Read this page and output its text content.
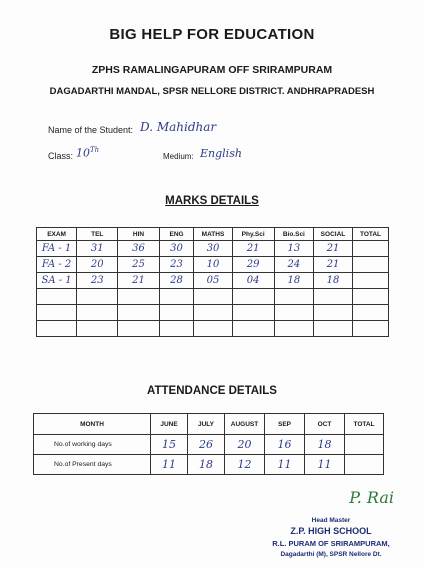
BIG HELP FOR EDUCATION
ZPHS RAMALINGAPURAM OFF SRIRAMPURAM
DAGADARTHI MANDAL, SPSR NELLORE DISTRICT. ANDHRAPRADESH
Name of the Student: D. Mahidhar
Class: 10Th
Medium: English
MARKS DETAILS
EXAM	TEL	HIN	ENG	MATHS	Phy.Sci	Bio.Sci	SOCIAL	TOTAL
FA - 1	31	36	30	30	21	13	21	
FA - 2	20	25	23	10	29	24	21	
SA - 1	23	21	28	05	04	18	18	

ATTENDANCE DETAILS
MONTH	JUNE	JULY	AUGUST	SEP	OCT	TOTAL
No.of working days	15	26	20	16	18	
No.of Present days	11	18	12	11	11	
P. Rai
Head Master
Z.P. HIGH SCHOOL
R.L. PURAM OF SRIRAMPURAM,
Dagadarthi (M), SPSR Nellore Dt.
